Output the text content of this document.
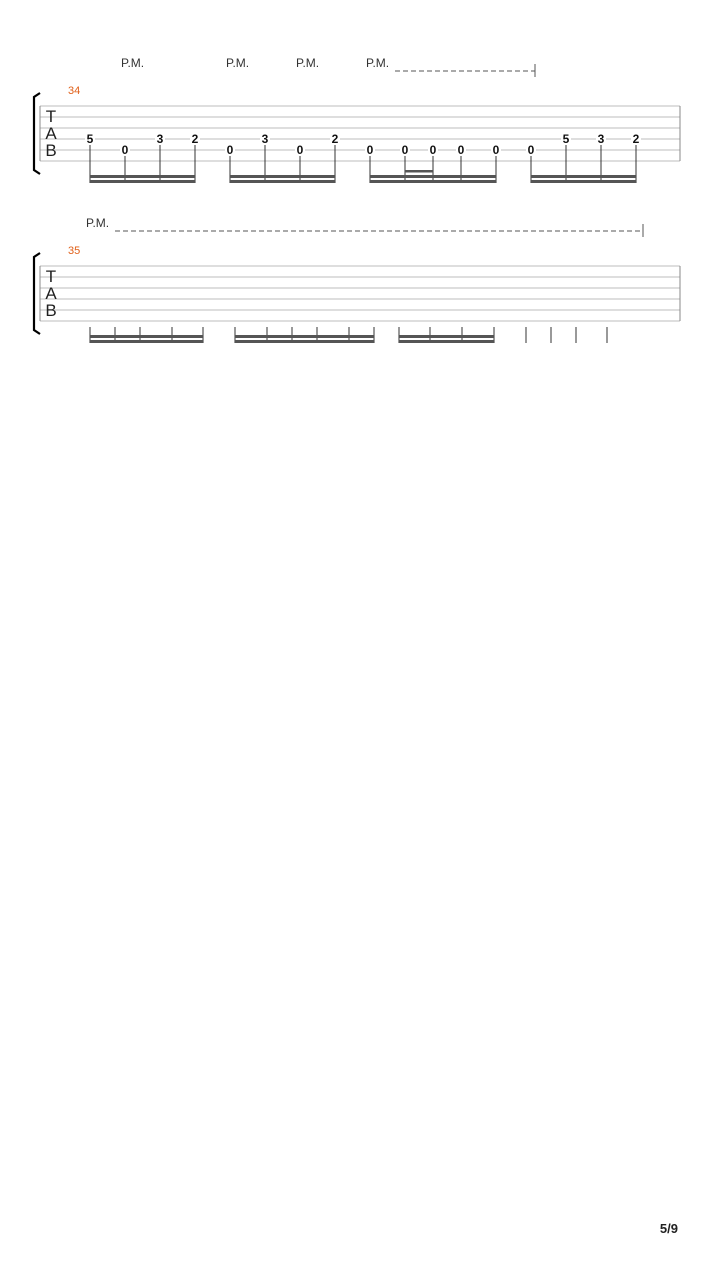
T
A
B
34
P.M.	P.M.	P.M.	P.M.
5
0
3 2
0
3
0
2
0 0 0 0 0 0
5 3 2
T
A
B
35
P.M.
5/9
